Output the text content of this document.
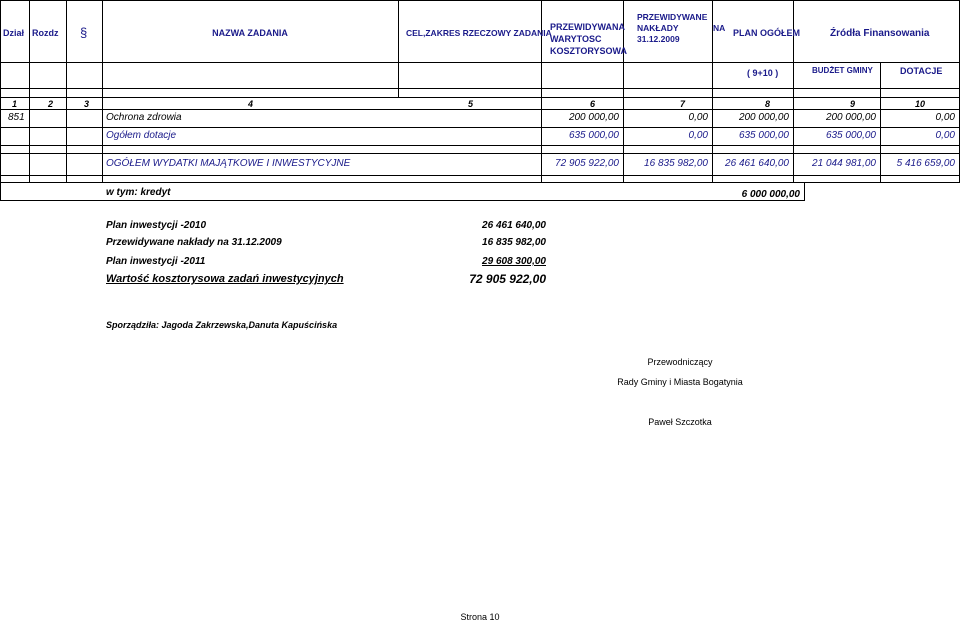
Dział Rozdz §	NAZWA ZADANIA	CEL,ZAKRES RZECZOWY ZADANIA
PRZEWIDYWANA
WARYTOSC
KOSZTORYSOWA
PRZEWIDYWANE
NAKŁADY	NA
31.12.2009
PLAN OGÓŁEM	Źródła Finansowania
( 9+10 )	BUDŻET GMINY	DOTACJE
1	2	3	4	5	6	7	8	9	10
851	Ochrona zdrowia	200 000,00	0,00	200 000,00	200 000,00	0,00
Ogółem dotacje	635 000,00	0,00	635 000,00	635 000,00	0,00
OGÓŁEM WYDATKI MAJĄTKOWE I INWESTYCYJNE	72 905 922,00	16 835 982,00	26 461 640,00	21 044 981,00	5 416 659,00
w tym: kredyt	6 000 000,00
Plan inwestycji -2010	26 461 640,00
Przewidywane nakłady na 31.12.2009	16 835 982,00
Plan inwestycji -2011	29 608 300,00
Wartość kosztorysowa zadań inwestycyjnych	72 905 922,00
Sporządziła: Jagoda Zakrzewska,Danuta Kapuścińska
Przewodniczący
Rady Gminy i Miasta Bogatynia
Paweł Szczotka
Strona 10
